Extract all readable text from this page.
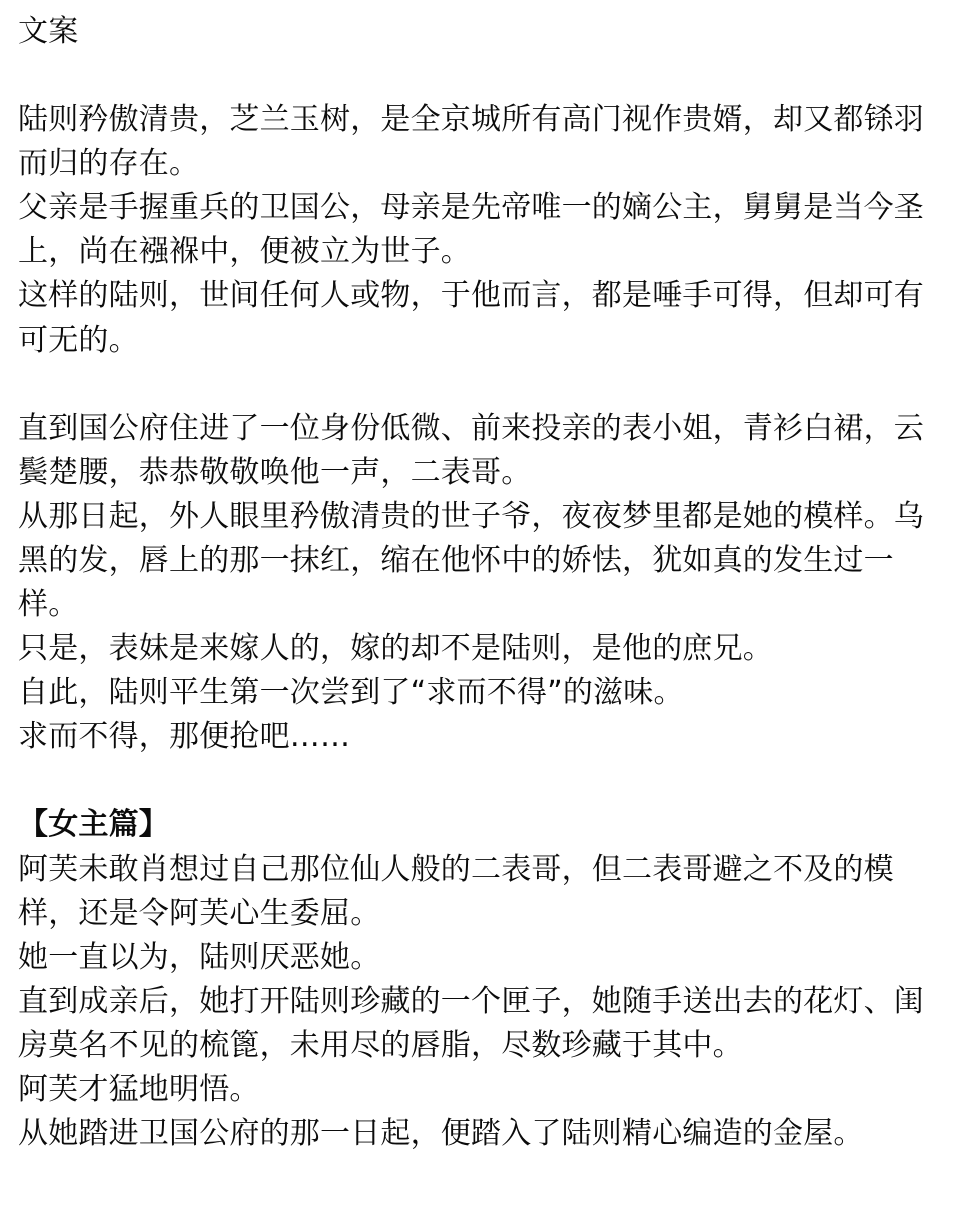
文案

陆则矜傲清贵，芝兰玉树，是全京城所有高门视作贵婿，却又都铩羽而归的存在。

父亲是手握重兵的卫国公，母亲是先帝唯一的嫡公主，舅舅是当今圣上，尚在襁褓中，便被立为世子。

这样的陆则，世间任何人或物，于他而言，都是唾手可得，但却可有可无的。

直到国公府住进了一位身份低微、前来投亲的表小姐，青衫白裙，云鬓楚腰，恭恭敬敬唤他一声，二表哥。

从那日起，外人眼里矜傲清贵的世子爷，夜夜梦里都是她的模样。乌黑的发，唇上的那一抹红，缩在他怀中的娇怯，犹如真的发生过一样。

只是，表妹是来嫁人的，嫁的却不是陆则，是他的庶兄。

自此，陆则平生第一次尝到了“求而不得”的滋味。

求而不得，那便抢吧……

【女主篇】

阿芙未敢肖想过自己那位仙人般的二表哥，但二表哥避之不及的模样，还是令阿芙心生委屈。

她一直以为，陆则厌恶她。

直到成亲后，她打开陆则珍藏的一个匣子，她随手送出去的花灯、闺房莫名不见的梳篦，未用尽的唇脂，尽数珍藏于其中。

阿芙才猛地明悟。

从她踏进卫国公府的那一日起，便踏入了陆则精心编造的金屋。
